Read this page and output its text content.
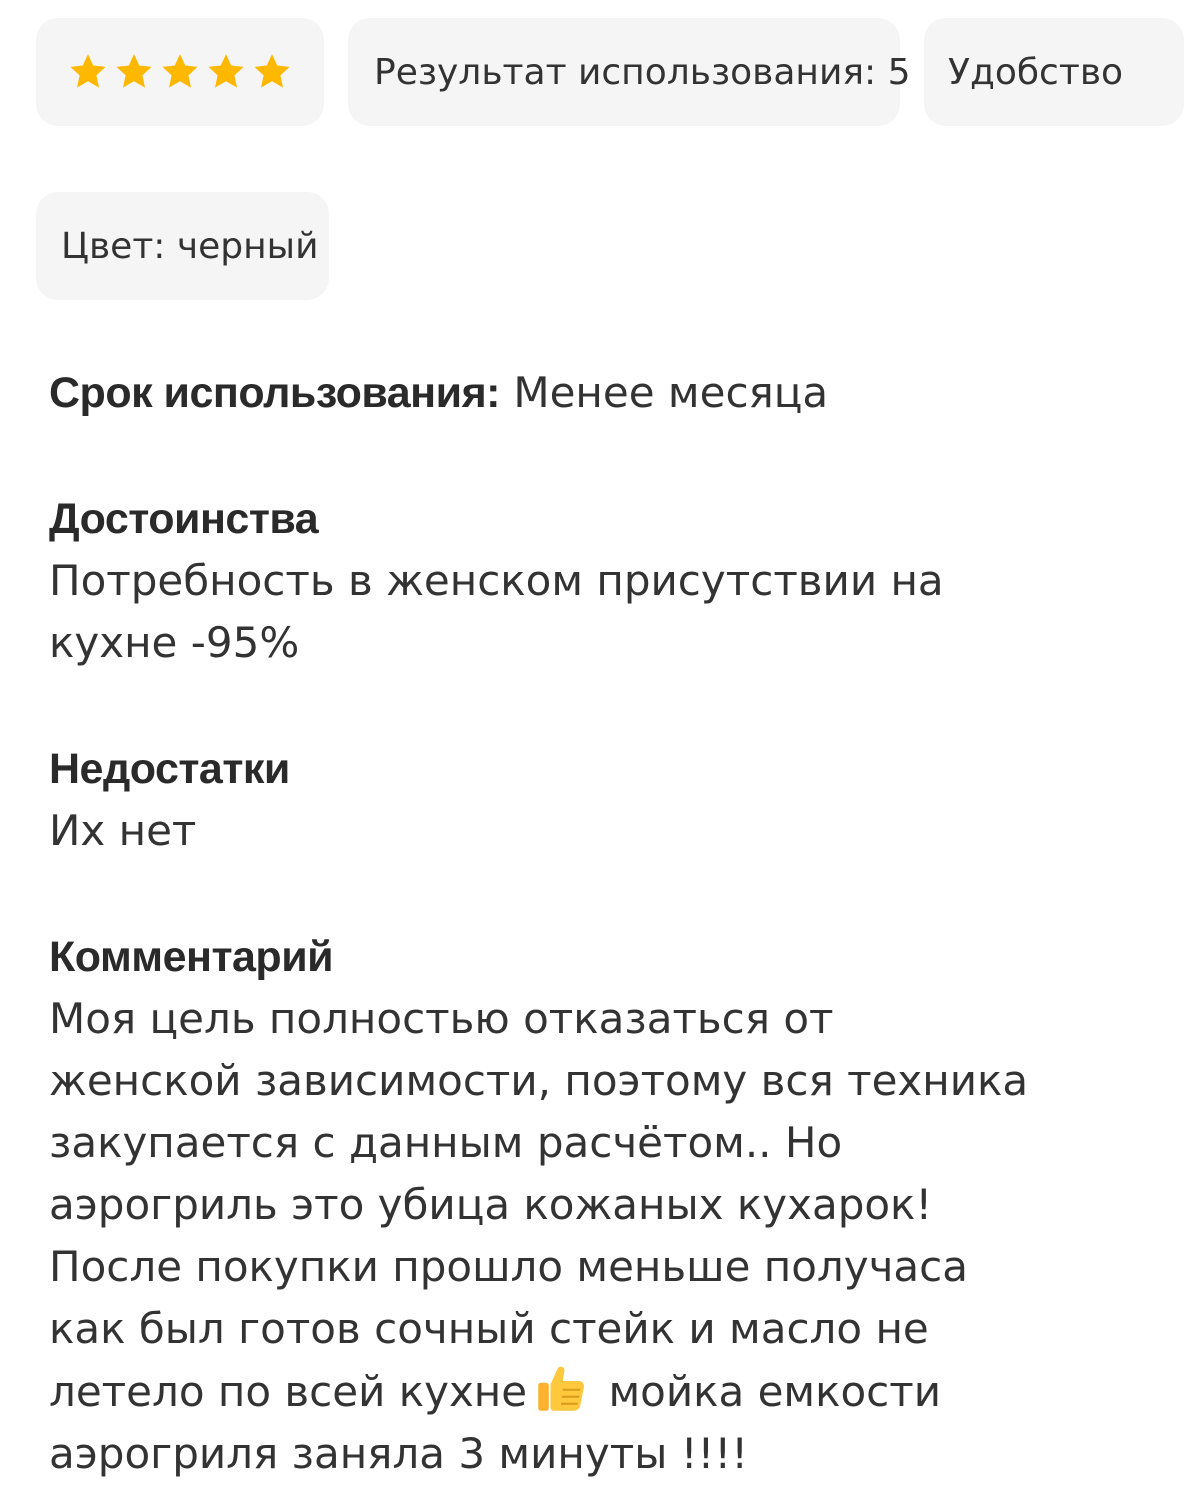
Результат использования: 5 Удобство
Цвет: черный
Срок использования: Менее месяца
Достоинства
Потребность в женском присутствии на кухне -95%
Недостатки
Их нет
Комментарий
Моя цель полностью отказаться от женской зависимости, поэтому вся техника закупается с данным расчётом.. Но аэрогриль это убица кожаных кухарок! После покупки прошло меньше получаса как был готов сочный стейк и масло не летело по всей кухне мойка емкости аэрогриля заняла 3 минуты !!!!
